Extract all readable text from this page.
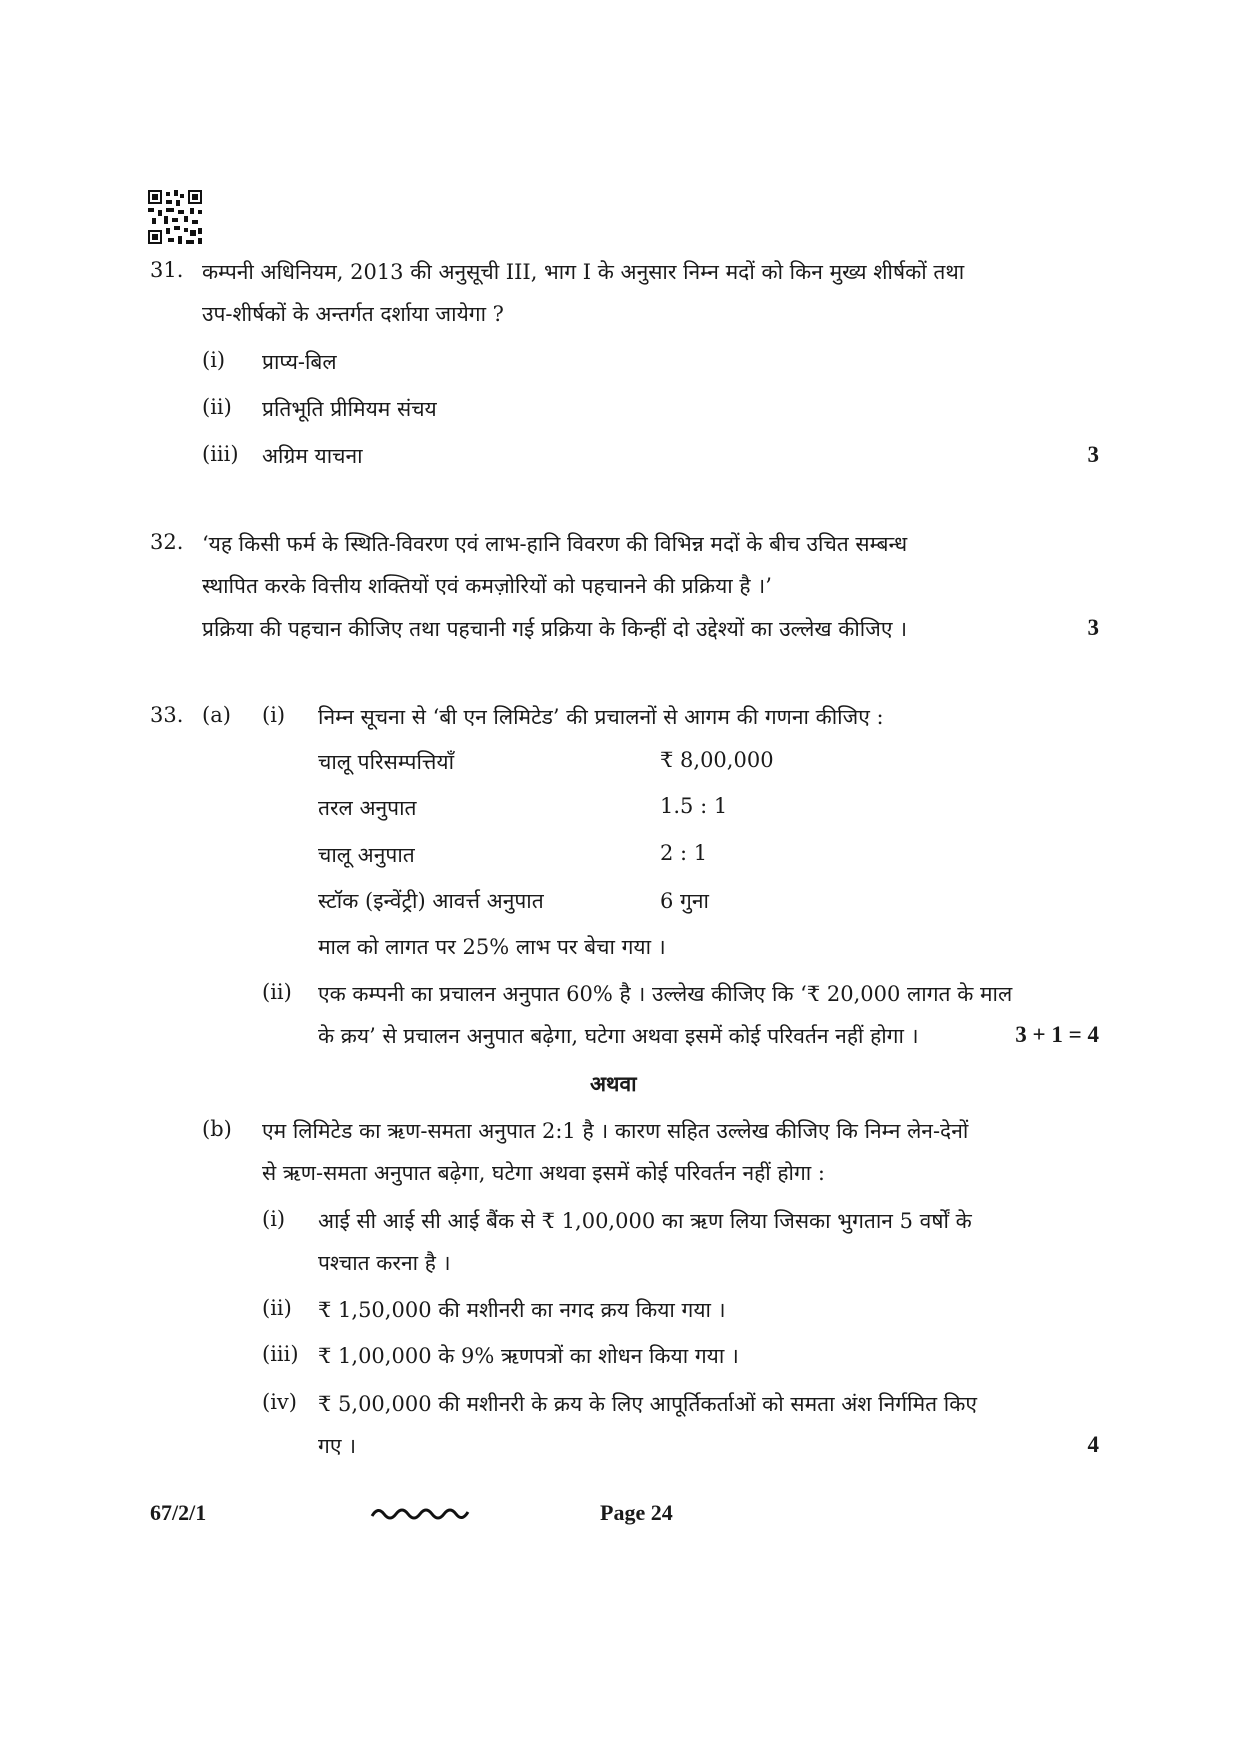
31. कम्पनी अधिनियम, 2013 की अनुसूची III, भाग I के अनुसार निम्न मदों को किन मुख्य शीर्षकों तथा
उप-शीर्षकों के अन्तर्गत दर्शाया जायेगा ?
(i) प्राप्य-बिल
(ii) प्रतिभूति प्रीमियम संचय
(iii) अग्रिम याचना	3
32. ‘यह किसी फर्म के स्थिति-विवरण एवं लाभ-हानि विवरण की विभिन्न मदों के बीच उचित सम्बन्ध
स्थापित करके वित्तीय शक्तियों एवं कमज़ोरियों को पहचानने की प्रक्रिया है ।’
प्रक्रिया की पहचान कीजिए तथा पहचानी गई प्रक्रिया के किन्हीं दो उद्देश्यों का उल्लेख कीजिए ।	3
33. (a) (i) निम्न सूचना से ‘बी एन लिमिटेड’ की प्रचालनों से आगम की गणना कीजिए :
चालू परिसम्पत्तियाँ	₹ 8,00,000
तरल अनुपात	1.5 : 1
चालू अनुपात	2 : 1
स्टॉक (इन्वेंट्री) आवर्त्त अनुपात	6 गुना
माल को लागत पर 25% लाभ पर बेचा गया ।
(ii) एक कम्पनी का प्रचालन अनुपात 60% है । उल्लेख कीजिए कि ‘₹ 20,000 लागत के माल
के क्रय’ से प्रचालन अनुपात बढ़ेगा, घटेगा अथवा इसमें कोई परिवर्तन नहीं होगा ।	3 + 1 = 4
अथवा
(b) एम लिमिटेड का ऋण-समता अनुपात 2:1 है । कारण सहित उल्लेख कीजिए कि निम्न लेन-देनों
से ऋण-समता अनुपात बढ़ेगा, घटेगा अथवा इसमें कोई परिवर्तन नहीं होगा :
(i) आई सी आई सी आई बैंक से ₹ 1,00,000 का ऋण लिया जिसका भुगतान 5 वर्षों के
पश्चात करना है ।
(ii) ₹ 1,50,000 की मशीनरी का नगद क्रय किया गया ।
(iii) ₹ 1,00,000 के 9% ऋणपत्रों का शोधन किया गया ।
(iv) ₹ 5,00,000 की मशीनरी के क्रय के लिए आपूर्तिकर्ताओं को समता अंश निर्गमित किए
गए ।	4
67/2/1	Page 24
